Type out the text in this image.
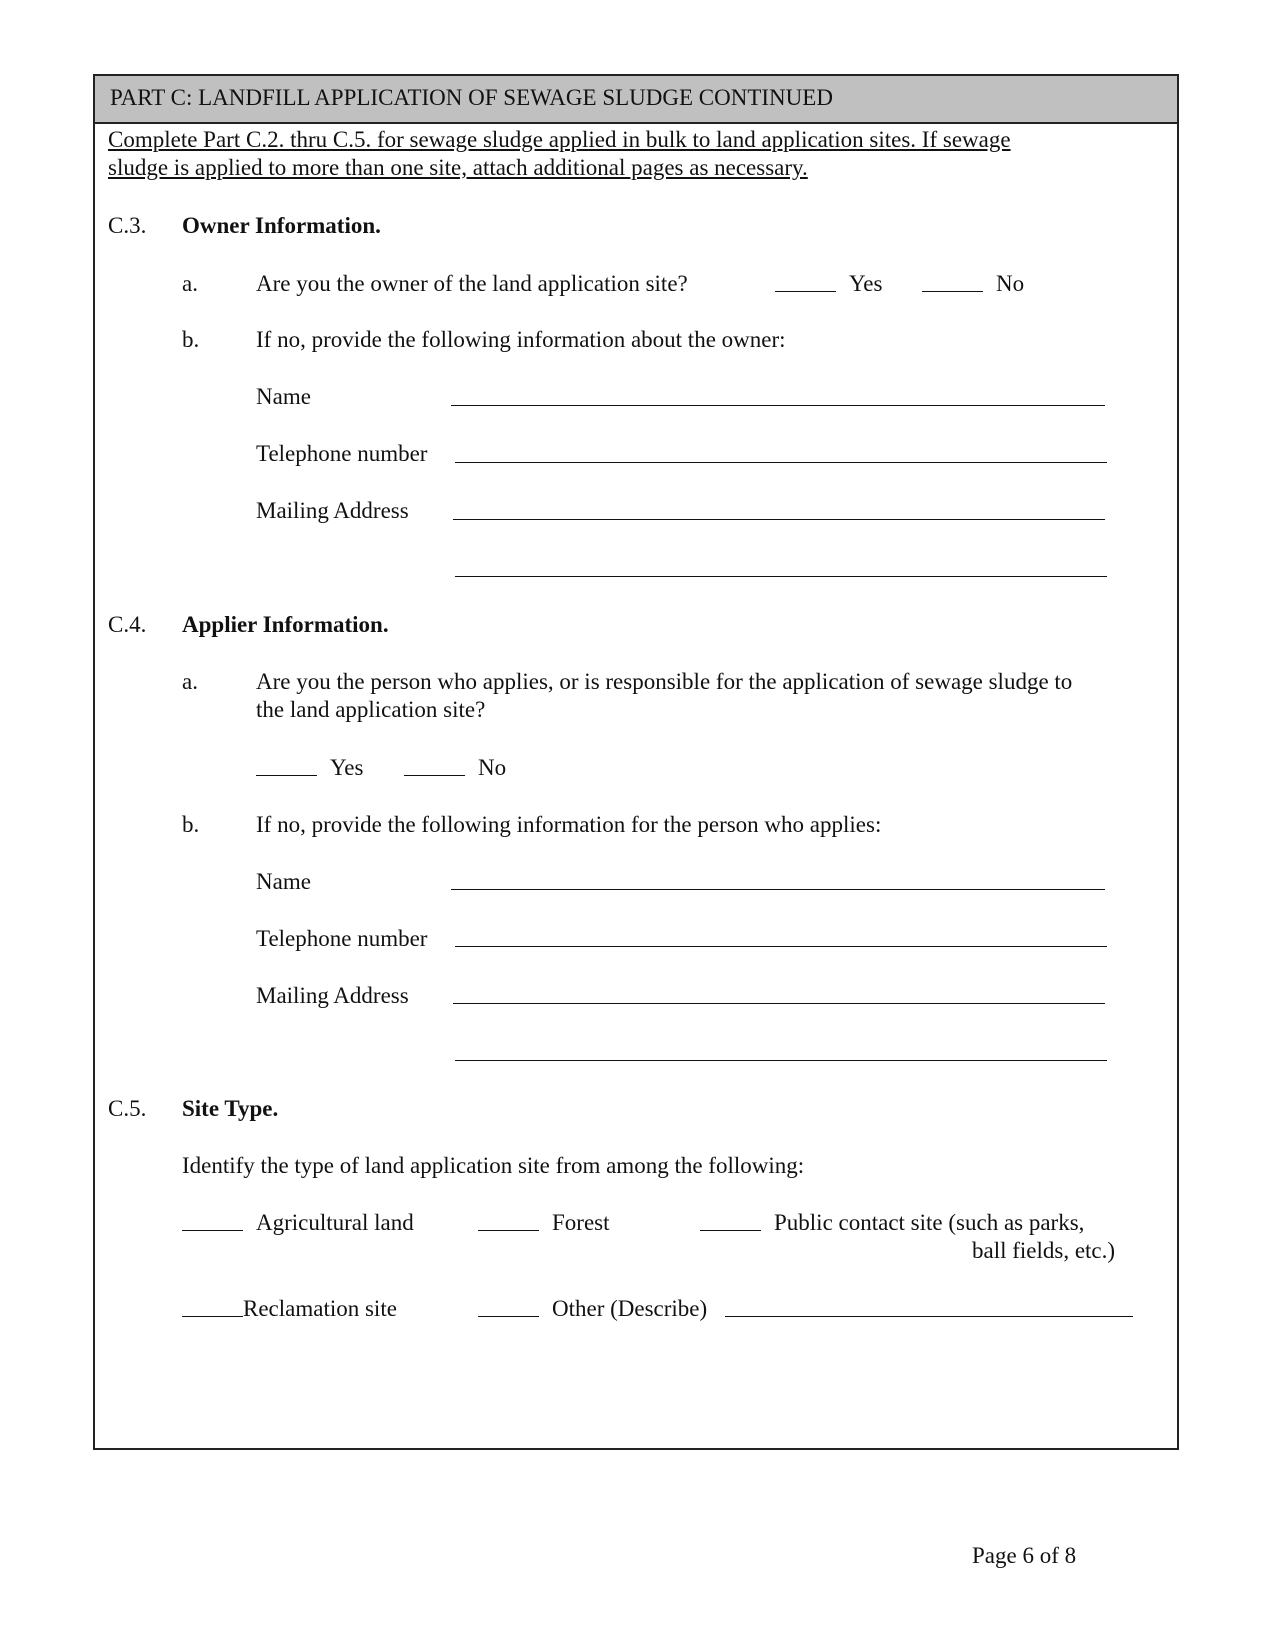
PART C: LANDFILL APPLICATION OF SEWAGE SLUDGE CONTINUED
Complete Part C.2. thru C.5. for sewage sludge applied in bulk to land application sites. If sewage
sludge is applied to more than one site, attach additional pages as necessary.
C.3. Owner Information.
a.	Are you the owner of the land application site?	Yes	No
b. If no, provide the following information about the owner:
Name
Telephone number
Mailing Address
C.4. Applier Information.
a.	Are you the person who applies, or is responsible for the application of sewage sludge to
the land application site?
Yes	No
b. If no, provide the following information for the person who applies:
Name
Telephone number
Mailing Address
C.5. Site Type.
Identify the type of land application site from among the following:
Agricultural land	Forest	Public contact site (such as parks,
ball fields, etc.)
Reclamation site	Other (Describe)
Page 6 of 8
